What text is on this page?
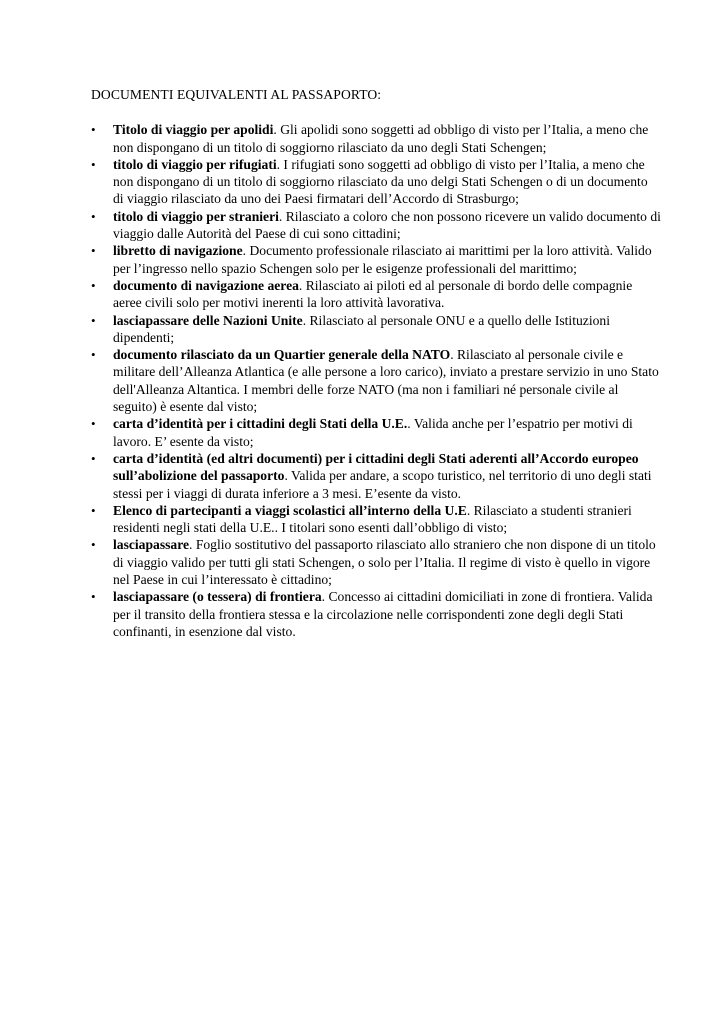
DOCUMENTI EQUIVALENTI AL PASSAPORTO:

•	Titolo di viaggio per apolidi. Gli apolidi sono soggetti ad obbligo di visto per l’Italia, a meno che non dispongano di un titolo di soggiorno rilasciato da uno degli Stati Schengen;
•	titolo di viaggio per rifugiati. I rifugiati sono soggetti ad obbligo di visto per l’Italia, a meno che non dispongano di un titolo di soggiorno rilasciato da uno delgi Stati Schengen o di un documento di viaggio rilasciato da uno dei Paesi firmatari dell’Accordo di Strasburgo;
•	titolo di viaggio per stranieri. Rilasciato a coloro che non possono ricevere un valido documento di viaggio dalle Autorità del Paese di cui sono cittadini;
•	libretto di navigazione. Documento professionale rilasciato ai marittimi per la loro attività. Valido per l’ingresso nello spazio Schengen solo per le esigenze professionali del marittimo;
•	documento di navigazione aerea. Rilasciato ai piloti ed al personale di bordo delle compagnie aeree civili solo per motivi inerenti la loro attività lavorativa.
•	lasciapassare delle Nazioni Unite. Rilasciato al personale ONU e a quello delle Istituzioni dipendenti;
•	documento rilasciato da un Quartier generale della NATO. Rilasciato al personale civile e militare dell’Alleanza Atlantica (e alle persone a loro carico), inviato a prestare servizio in uno Stato dell'Alleanza Altantica. I membri delle forze NATO (ma non i familiari né personale civile al seguito) è esente dal visto;
•	carta d’identità per i cittadini degli Stati della U.E.. Valida anche per l’espatrio per motivi di lavoro. E’ esente da visto;
•	carta d’identità (ed altri documenti) per i cittadini degli Stati aderenti all’Accordo europeo sull’abolizione del passaporto. Valida per andare, a scopo turistico, nel territorio di uno degli stati stessi per i viaggi di durata inferiore a 3 mesi. E’esente da visto.
•	Elenco di partecipanti a viaggi scolastici all’interno della U.E. Rilasciato a studenti stranieri residenti negli stati della U.E.. I titolari sono esenti dall’obbligo di visto;
•	lasciapassare. Foglio sostitutivo del passaporto rilasciato allo straniero che non dispone di un titolo di viaggio valido per tutti gli stati Schengen, o solo per l’Italia. Il regime di visto è quello in vigore nel Paese in cui l’interessato è cittadino;
•	lasciapassare (o tessera) di frontiera. Concesso ai cittadini domiciliati in zone di frontiera. Valida per il transito della frontiera stessa e la circolazione nelle corrispondenti zone degli degli Stati confinanti, in esenzione dal visto.
